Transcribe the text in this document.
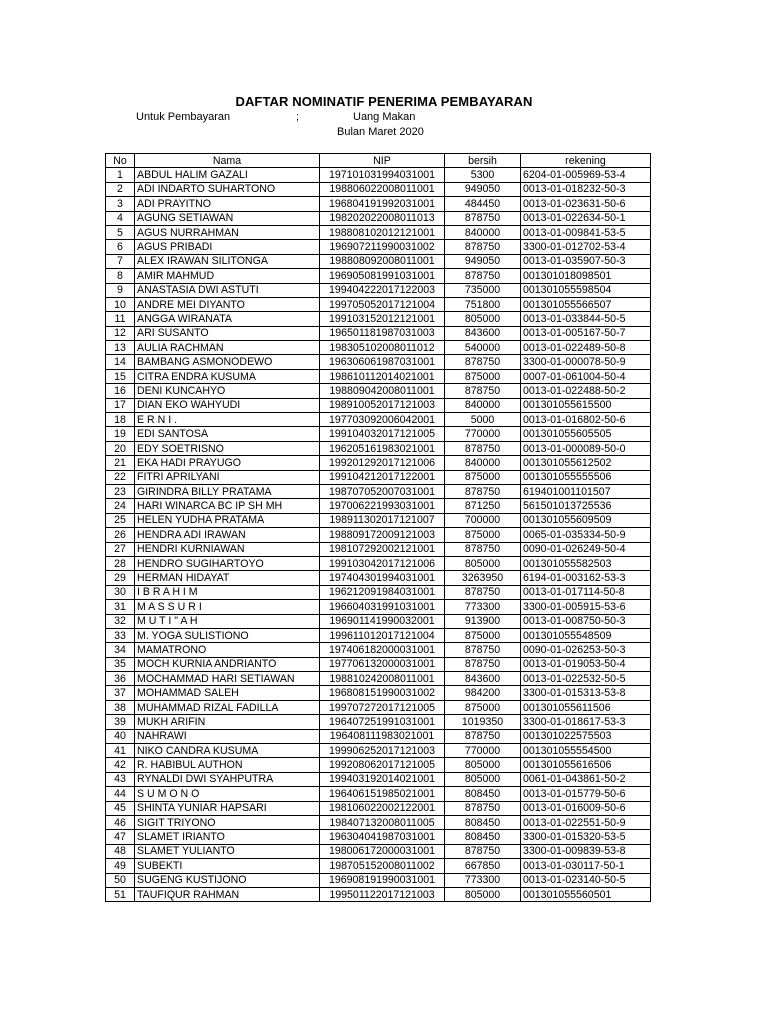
DAFTAR NOMINATIF PENERIMA PEMBAYARAN
Untuk Pembayaran	;	Uang Makan
Bulan Maret 2020
No	Nama	NIP	bersih	rekening
1	ABDUL HALIM GAZALI	197101031994031001	5300	6204-01-005969-53-4
2	ADI INDARTO SUHARTONO	198806022008011001	949050	0013-01-018232-50-3
3	ADI PRAYITNO	196804191992031001	484450	0013-01-023631-50-6
4	AGUNG SETIAWAN	198202022008011013	878750	0013-01-022634-50-1
5	AGUS NURRAHMAN	198808102012121001	840000	0013-01-009841-53-5
6	AGUS PRIBADI	196907211990031002	878750	3300-01-012702-53-4
7	ALEX IRAWAN SILITONGA	198808092008011001	949050	0013-01-035907-50-3
8	AMIR MAHMUD	196905081991031001	878750	001301018098501
9	ANASTASIA DWI ASTUTI	199404222017122003	735000	001301055598504
10	ANDRE MEI DIYANTO	199705052017121004	751800	001301055566507
11	ANGGA WIRANATA	199103152012121001	805000	0013-01-033844-50-5
12	ARI SUSANTO	196501181987031003	843600	0013-01-005167-50-7
13	AULIA RACHMAN	198305102008011012	540000	0013-01-022489-50-8
14	BAMBANG ASMONODEWO	196306061987031001	878750	3300-01-000078-50-9
15	CITRA ENDRA KUSUMA	198610112014021001	875000	0007-01-061004-50-4
16	DENI KUNCAHYO	198809042008011001	878750	0013-01-022488-50-2
17	DIAN EKO WAHYUDI	198910052017121003	840000	001301055615500
18	E R N I .	197703092006042001	5000	0013-01-016802-50-6
19	EDI SANTOSA	199104032017121005	770000	001301055605505
20	EDY SOETRISNO	196205161983021001	878750	0013-01-000089-50-0
21	EKA HADI PRAYUGO	199201292017121006	840000	001301055612502
22	FITRI APRILYANI	199104212017122001	875000	001301055555506
23	GIRINDRA BILLY PRATAMA	198707052007031001	878750	619401001101507
24	HARI WINARCA BC IP SH MH	197006221993031001	871250	561501013725536
25	HELEN YUDHA PRATAMA	198911302017121007	700000	001301055609509
26	HENDRA ADI IRAWAN	198809172009121003	875000	0065-01-035334-50-9
27	HENDRI KURNIAWAN	198107292002121001	878750	0090-01-026249-50-4
28	HENDRO SUGIHARTOYO	199103042017121006	805000	001301055582503
29	HERMAN HIDAYAT	197404301994031001	3263950	6194-01-003162-53-3
30	I B R A H I M	196212091984031001	878750	0013-01-017114-50-8
31	M A S S U R I	196604031991031001	773300	3300-01-005915-53-6
32	M U T I " A H	196901141990032001	913900	0013-01-008750-50-3
33	M. YOGA SULISTIONO	199611012017121004	875000	001301055548509
34	MAMATRONO	197406182000031001	878750	0090-01-026253-50-3
35	MOCH KURNIA ANDRIANTO	197706132000031001	878750	0013-01-019053-50-4
36	MOCHAMMAD HARI SETIAWAN	198810242008011001	843600	0013-01-022532-50-5
37	MOHAMMAD SALEH	196808151990031002	984200	3300-01-015313-53-8
38	MUHAMMAD RIZAL FADILLA	199707272017121005	875000	001301055611506
39	MUKH ARIFIN	196407251991031001	1019350	3300-01-018617-53-3
40	NAHRAWI	196408111983021001	878750	001301022575503
41	NIKO CANDRA KUSUMA	199906252017121003	770000	001301055554500
42	R. HABIBUL AUTHON	199208062017121005	805000	001301055616506
43	RYNALDI DWI SYAHPUTRA	199403192014021001	805000	0061-01-043861-50-2
44	S U M O N O	196406151985021001	808450	0013-01-015779-50-6
45	SHINTA YUNIAR HAPSARI	198106022002122001	878750	0013-01-016009-50-6
46	SIGIT TRIYONO	198407132008011005	808450	0013-01-022551-50-9
47	SLAMET IRIANTO	196304041987031001	808450	3300-01-015320-53-5
48	SLAMET YULIANTO	198006172000031001	878750	3300-01-009839-53-8
49	SUBEKTI	198705152008011002	667850	0013-01-030117-50-1
50	SUGENG KUSTIJONO	196908191990031001	773300	0013-01-023140-50-5
51	TAUFIQUR RAHMAN	199501122017121003	805000	001301055560501
